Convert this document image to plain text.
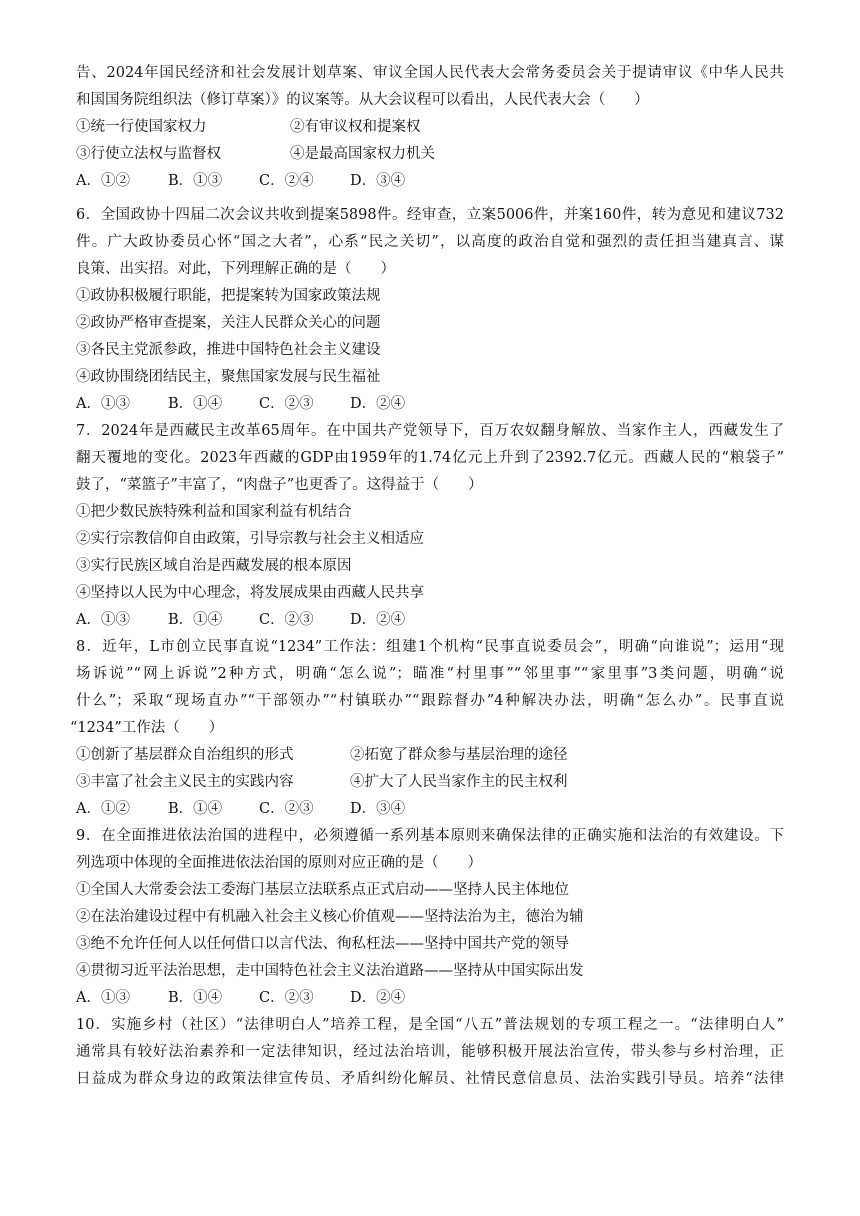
告、2024年国民经济和社会发展计划草案、审议全国人民代表大会常务委员会关于提请审议《中华人民共
和国国务院组织法（修订草案）》的议案等。从大会议程可以看出，人民代表大会（　　）
①统一行使国家权力	②有审议权和提案权
③行使立法权与监督权	④是最高国家权力机关
A．①②	B．①③	C．②④	D．③④
6．全国政协十四届二次会议共收到提案5898件。经审查，立案5006件，并案160件，转为意见和建议732
件。广大政协委员心怀“国之大者”，心系“民之关切”，以高度的政治自觉和强烈的责任担当建真言、谋
良策、出实招。对此，下列理解正确的是（　　）
①政协积极履行职能，把提案转为国家政策法规
②政协严格审查提案，关注人民群众关心的问题
③各民主党派参政，推进中国特色社会主义建设
④政协围绕团结民主，聚焦国家发展与民生福祉
A．①③	B．①④	C．②③	D．②④
7．2024年是西藏民主改革65周年。在中国共产党领导下，百万农奴翻身解放、当家作主人，西藏发生了
翻天覆地的变化。2023年西藏的GDP由1959年的1.74亿元上升到了2392.7亿元。西藏人民的“粮袋子”
鼓了，“菜篮子”丰富了，“肉盘子”也更香了。这得益于（　　）
①把少数民族特殊利益和国家利益有机结合
②实行宗教信仰自由政策，引导宗教与社会主义相适应
③实行民族区域自治是西藏发展的根本原因
④坚持以人民为中心理念，将发展成果由西藏人民共享
A．①③	B．①④	C．②③	D．②④
8．近年，L市创立民事直说“1234”工作法：组建1个机构“民事直说委员会”，明确“向谁说”；运用“现
场诉说”“网上诉说”2种方式，明确“怎么说”；瞄准“村里事”“邻里事”“家里事”3类问题，明确“说
什么”；采取“现场直办”“干部领办”“村镇联办”“跟踪督办”4种解决办法，明确“怎么办”。民事直说
“1234”工作法（　　）
①创新了基层群众自治组织的形式	②拓宽了群众参与基层治理的途径
③丰富了社会主义民主的实践内容	④扩大了人民当家作主的民主权利
A．①②	B．①④	C．②③	D．③④
9．在全面推进依法治国的进程中，必须遵循一系列基本原则来确保法律的正确实施和法治的有效建设。下
列选项中体现的全面推进依法治国的原则对应正确的是（　　）
①全国人大常委会法工委海门基层立法联系点正式启动——坚持人民主体地位
②在法治建设过程中有机融入社会主义核心价值观——坚持法治为主，德治为辅
③绝不允许任何人以任何借口以言代法、徇私枉法——坚持中国共产党的领导
④贯彻习近平法治思想，走中国特色社会主义法治道路——坚持从中国实际出发
A．①③	B．①④	C．②③	D．②④
10．实施乡村（社区）“法律明白人”培养工程，是全国“八五”普法规划的专项工程之一。“法律明白人”
通常具有较好法治素养和一定法律知识，经过法治培训，能够积极开展法治宣传，带头参与乡村治理，正
日益成为群众身边的政策法律宣传员、矛盾纠纷化解员、社情民意信息员、法治实践引导员。培养“法律
